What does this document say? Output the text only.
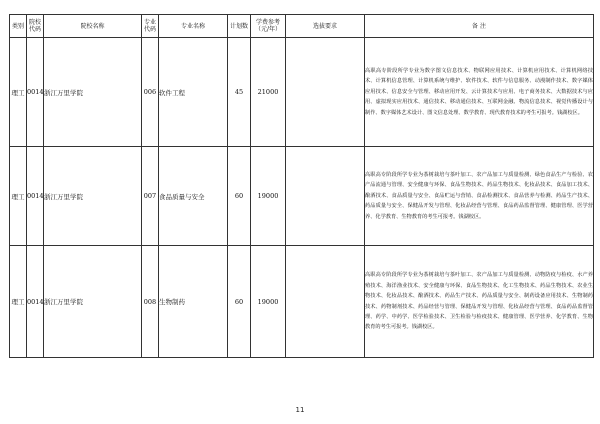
类别	院校代码	院校名称	专业代码	专业名称	计划数	学费参考（元/年）	选拔要求	备 注
理工	0014	浙江万里学院	006	软件工程	45	21000		高职高专阶段所学专业为数字图文信息技术、物联网应用技术、计算机应用技术、计算机网络技术、计算机信息管理、计算机系统与维护、软件技术、软件与信息服务、动漫制作技术、数字媒体应用技术、信息安全与管理、移动应用开发、云计算技术与应用、电子商务技术、大数据技术与应用、虚拟现实应用技术、通信技术、移动通信技术、互联网金融、物流信息技术、视觉传播设计与制作、数字媒体艺术设计、图文信息处理、数学教育、现代教育技术的考生可报考。钱湖校区。
理工	0014	浙江万里学院	007	食品质量与安全	60	19000		高职高专阶段所学专业为茶树栽培与茶叶加工、农产品加工与质量检测、绿色食品生产与检验、农产品流通与管理、安全健康与环保、食品生物技术、药品生物技术、化妆品技术、食品加工技术、酿酒技术、食品质量与安全、食品贮运与营销、食品检测技术、食品营养与检测、药品生产技术、药品质量与安全、保健品开发与管理、化妆品经营与管理、食品药品监督管理、健康管理、医学营养、化学教育、生物教育的考生可报考。钱湖校区。
理工	0014	浙江万里学院	008	生物制药	60	19000		高职高专阶段所学专业为茶树栽培与茶叶加工、农产品加工与质量检测、动物防疫与检疫、水产养殖技术、海洋渔业技术、安全健康与环保、食品生物技术、化工生物技术、药品生物技术、农业生物技术、化妆品技术、酿酒技术、药品生产技术、药品质量与安全、制药设备应用技术、生物制药技术、药物制剂技术、药品经营与管理、保健品开发与管理、化妆品经营与管理、食品药品监督管理、药学、中药学、医学检验技术、卫生检验与检疫技术、健康管理、医学营养、化学教育、生物教育的考生可报考。钱湖校区。
11
